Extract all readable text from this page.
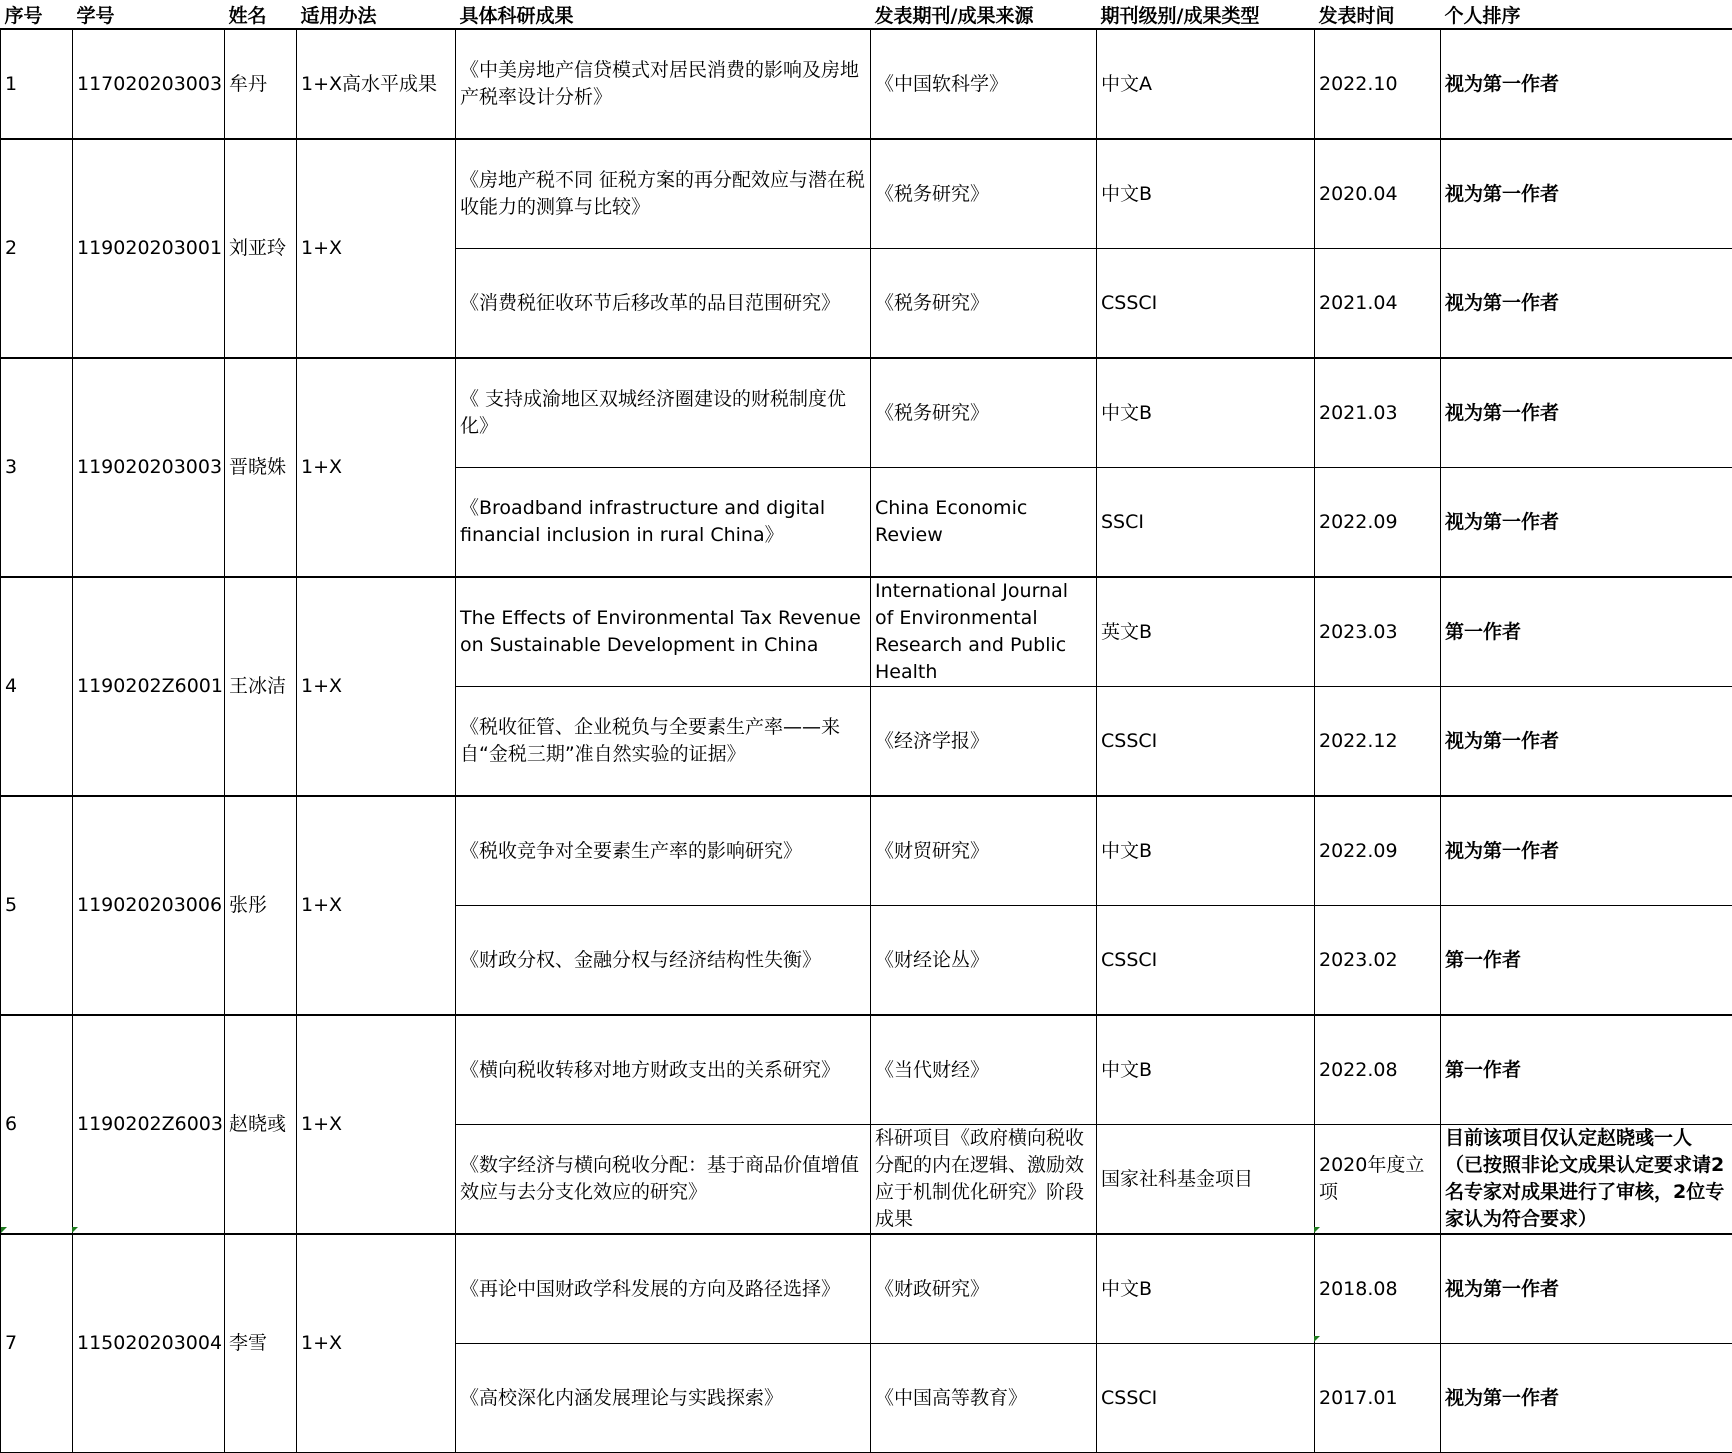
序号	学号	姓名	适用办法	具体科研成果	发表期刊/成果来源	期刊级别/成果类型	发表时间	个人排序
1	117020203003	牟丹	1+X高水平成果	《中美房地产信贷模式对居民消费的影响及房地产税率设计分析》	《中国软科学》	中文A	2022.10	视为第一作者
2	119020203001	刘亚玲	1+X	《房地产税不同 征税方案的再分配效应与潜在税收能力的测算与比较》	《税务研究》	中文B	2020.04	视为第一作者
				《消费税征收环节后移改革的品目范围研究》	《税务研究》	CSSCI	2021.04	视为第一作者
3	119020203003	晋晓姝	1+X	《 支持成渝地区双城经济圈建设的财税制度优化》	《税务研究》	中文B	2021.03	视为第一作者
				《Broadband infrastructure and digital financial inclusion in rural China》	China Economic Review	SSCI	2022.09	视为第一作者
4	1190202Z6001	王冰洁	1+X	The Effects of Environmental Tax Revenue on Sustainable Development in China	International Journal of Environmental Research and Public Health	英文B	2023.03	第一作者
				《税收征管、企业税负与全要素生产率——来自“金税三期”准自然实验的证据》	《经济学报》	CSSCI	2022.12	视为第一作者
5	119020203006	张彤	1+X	《税收竞争对全要素生产率的影响研究》	《财贸研究》	中文B	2022.09	视为第一作者
				《财政分权、金融分权与经济结构性失衡》	《财经论丛》	CSSCI	2023.02	第一作者
6	1190202Z6003	赵晓彧	1+X	《横向税收转移对地方财政支出的关系研究》	《当代财经》	中文B	2022.08	第一作者
				《数字经济与横向税收分配：基于商品价值增值效应与去分支化效应的研究》	科研项目《政府横向税收分配的内在逻辑、激励效应于机制优化研究》阶段成果	国家社科基金项目	2020年度立项	目前该项目仅认定赵晓彧一人（已按照非论文成果认定要求请2名专家对成果进行了审核，2位专家认为符合要求）
7	115020203004	李雪	1+X	《再论中国财政学科发展的方向及路径选择》	《财政研究》	中文B	2018.08	视为第一作者
				《高校深化内涵发展理论与实践探索》	《中国高等教育》	CSSCI	2017.01	视为第一作者
